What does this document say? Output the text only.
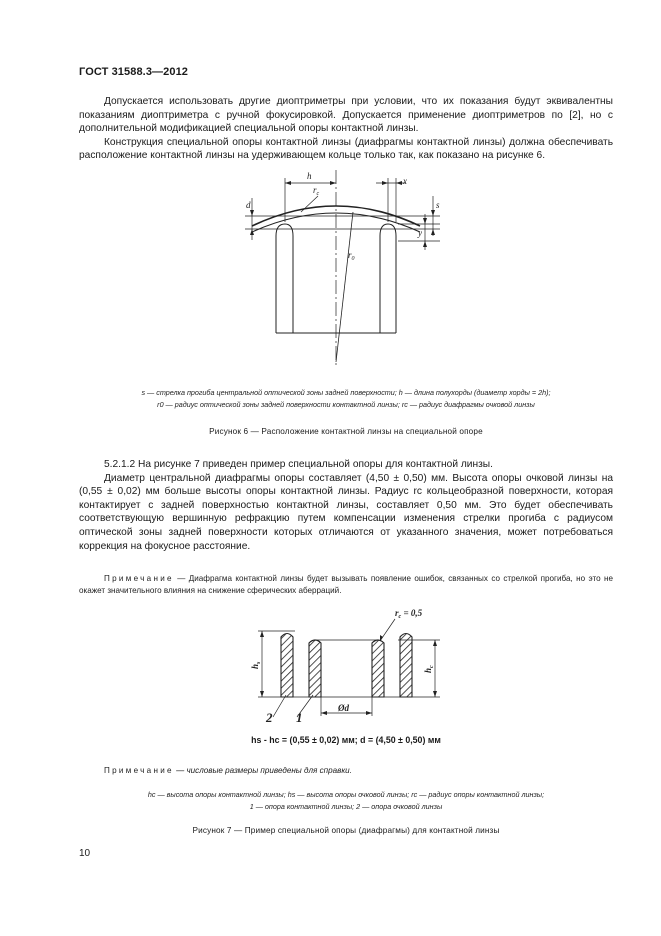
ГОСТ 31588.3—2012

Допускается использовать другие диоптриметры при условии, что их показания будут эквивалентны показаниям диоптриметра с ручной фокусировкой. Допускается применение диоптриметров по [2], но с дополнительной модификацией специальной опоры контактной линзы.

Конструкция специальной опоры контактной линзы (диафрагмы контактной линзы) должна обеспечивать расположение контактной линзы на удерживающем кольце только так, как показано на рисунке 6.

h
$r_c$
x
d	s
y
$r_0$
s — стрелка прогиба центральной оптической зоны задней поверхности; h — длина полухорды (диаметр хорды = 2h);
r0 — радиус оптической зоны задней поверхности контактной линзы; rc — радиус диафрагмы очковой линзы
Рисунок 6 — Расположение контактной линзы на специальной опоре

5.2.1.2 На рисунке 7 приведен пример специальной опоры для контактной линзы.

Диаметр центральной диафрагмы опоры составляет (4,50 ± 0,50) мм. Высота опоры очковой линзы на (0,55 ± 0,02) мм больше высоты опоры контактной линзы. Радиус rc кольцеобразной поверхности, которая контактирует с задней поверхностью контактной линзы, составляет 0,50 мм. Это будет обеспечивать соответствующую вершинную рефракцию путем компенсации изменения стрелки прогиба с радиусом оптической зоны задней поверхности которых отличаются от указанного значения, может потребоваться коррекция на фокусное расстояние.

Примечание — Диафрагма контактной линзы будет вызывать появление ошибок, связанных со стрелкой прогиба, но это не окажет значительного влияния на снижение сферических аберраций.
$r_c = 0,5$
Ød
1
2
$h_s$
$h_c$
hs - hc = (0,55 ± 0,02) мм; d = (4,50 ± 0,50) мм
Примечание — числовые размеры приведены для справки.
hc — высота опоры контактной линзы; hs — высота опоры очковой линзы; rc — радиус опоры контактной линзы;
1 — опора контактной линзы; 2 — опора очковой линзы
Рисунок 7 — Пример специальной опоры (диафрагмы) для контактной линзы
10
